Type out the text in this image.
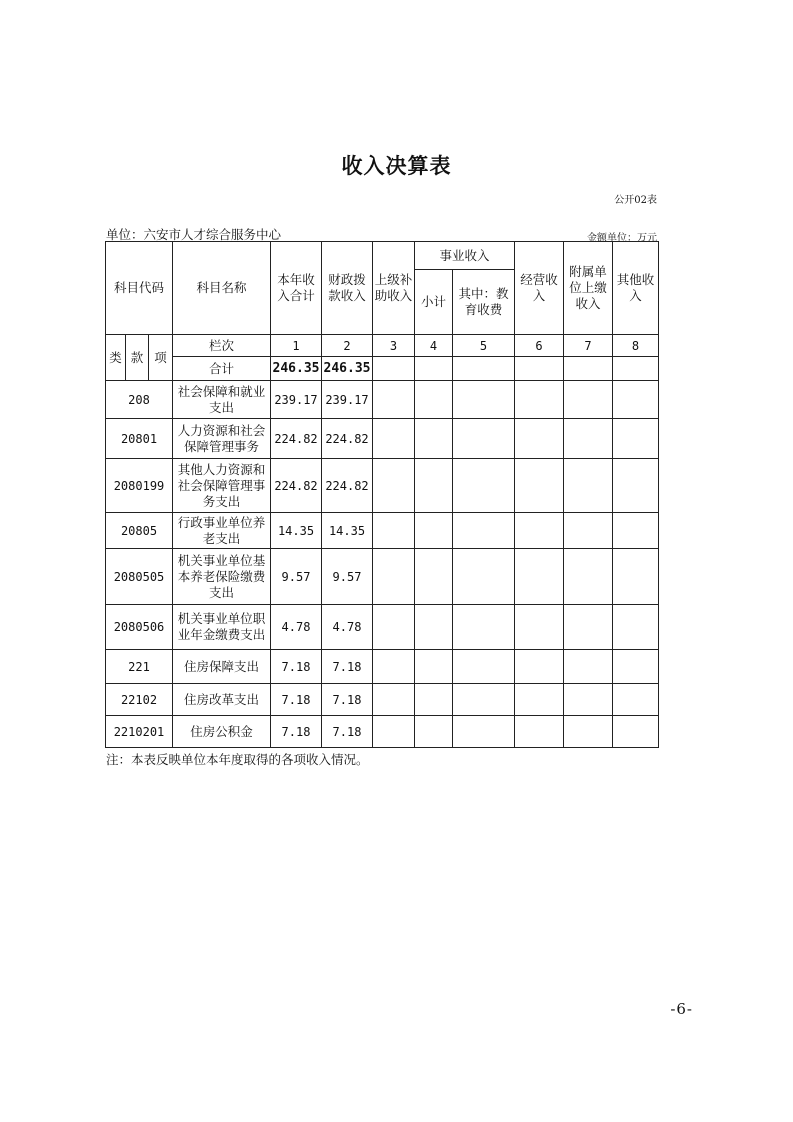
收入决算表
公开02表
单位：六安市人才综合服务中心	金额单位：万元
科目代码			科目名称	本年收入合计	财政拨款收入	上级补助收入	事业收入		经营收入	附属单位上缴收入	其他收入
							小计	其中：教育收费			
类	款	项	栏次	1	2	3	4	5	6	7	8
			合计	246.35	246.35						
208			社会保障和就业支出	239.17	239.17						
20801			人力资源和社会保障管理事务	224.82	224.82						
2080199			其他人力资源和社会保障管理事务支出	224.82	224.82						
20805			行政事业单位养老支出	14.35	14.35						
2080505			机关事业单位基本养老保险缴费支出	9.57	9.57						
2080506			机关事业单位职业年金缴费支出	4.78	4.78						
221			住房保障支出	7.18	7.18						
22102			住房改革支出	7.18	7.18						
2210201			住房公积金	7.18	7.18						
注：本表反映单位本年度取得的各项收入情况。
-6-
